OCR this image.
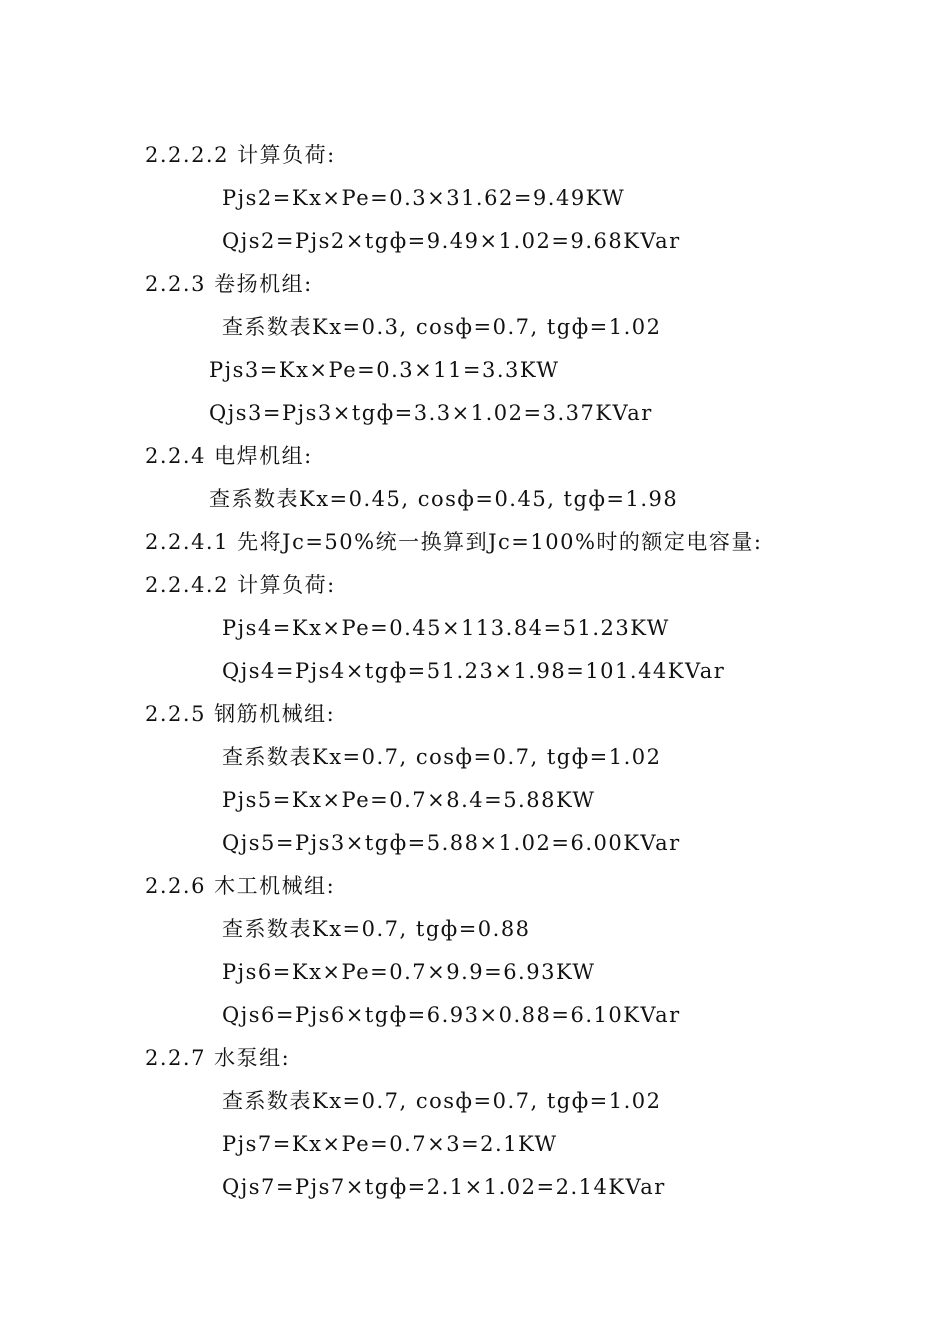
2.2.2.2 计算负荷:
Pjs2=Kx×Pe=0.3×31.62=9.49KW
Qjs2=Pjs2×tgф=9.49×1.02=9.68KVar
2.2.3 卷扬机组:
查系数表Kx=0.3, cosф=0.7, tgф=1.02
Pjs3=Kx×Pe=0.3×11=3.3KW
Qjs3=Pjs3×tgф=3.3×1.02=3.37KVar
2.2.4 电焊机组:
查系数表Kx=0.45, cosф=0.45, tgф=1.98
2.2.4.1 先将Jc=50%统一换算到Jc=100%时的额定电容量:
2.2.4.2 计算负荷:
Pjs4=Kx×Pe=0.45×113.84=51.23KW
Qjs4=Pjs4×tgф=51.23×1.98=101.44KVar
2.2.5 钢筋机械组:
查系数表Kx=0.7, cosф=0.7, tgф=1.02
Pjs5=Kx×Pe=0.7×8.4=5.88KW
Qjs5=Pjs3×tgф=5.88×1.02=6.00KVar
2.2.6 木工机械组:
查系数表Kx=0.7, tgф=0.88
Pjs6=Kx×Pe=0.7×9.9=6.93KW
Qjs6=Pjs6×tgф=6.93×0.88=6.10KVar
2.2.7 水泵组:
查系数表Kx=0.7, cosф=0.7, tgф=1.02
Pjs7=Kx×Pe=0.7×3=2.1KW
Qjs7=Pjs7×tgф=2.1×1.02=2.14KVar
